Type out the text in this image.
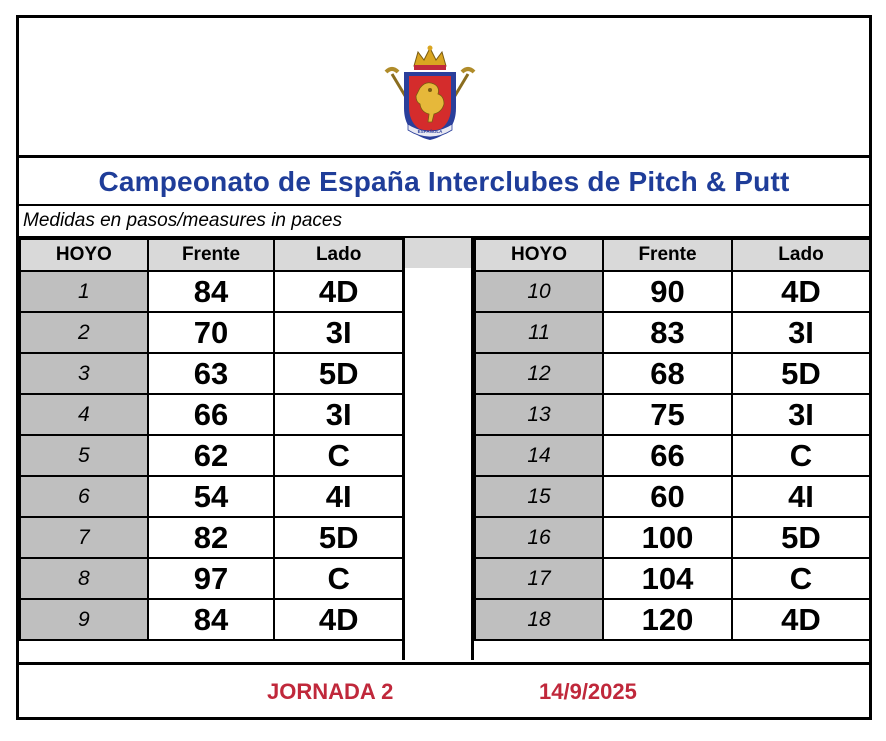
ESPAÑOLA
Campeonato de España Interclubes de Pitch & Putt
Medidas en pasos/measures in paces
HOYO	Frente	Lado
1	84	4D
2	70	3I
3	63	5D
4	66	3I
5	62	C
6	54	4I
7	82	5D
8	97	C
9	84	4D
HOYO	Frente	Lado
10	90	4D
11	83	3I
12	68	5D
13	75	3I
14	66	C
15	60	4I
16	100	5D
17	104	C
18	120	4D
JORNADA 2	14/9/2025
